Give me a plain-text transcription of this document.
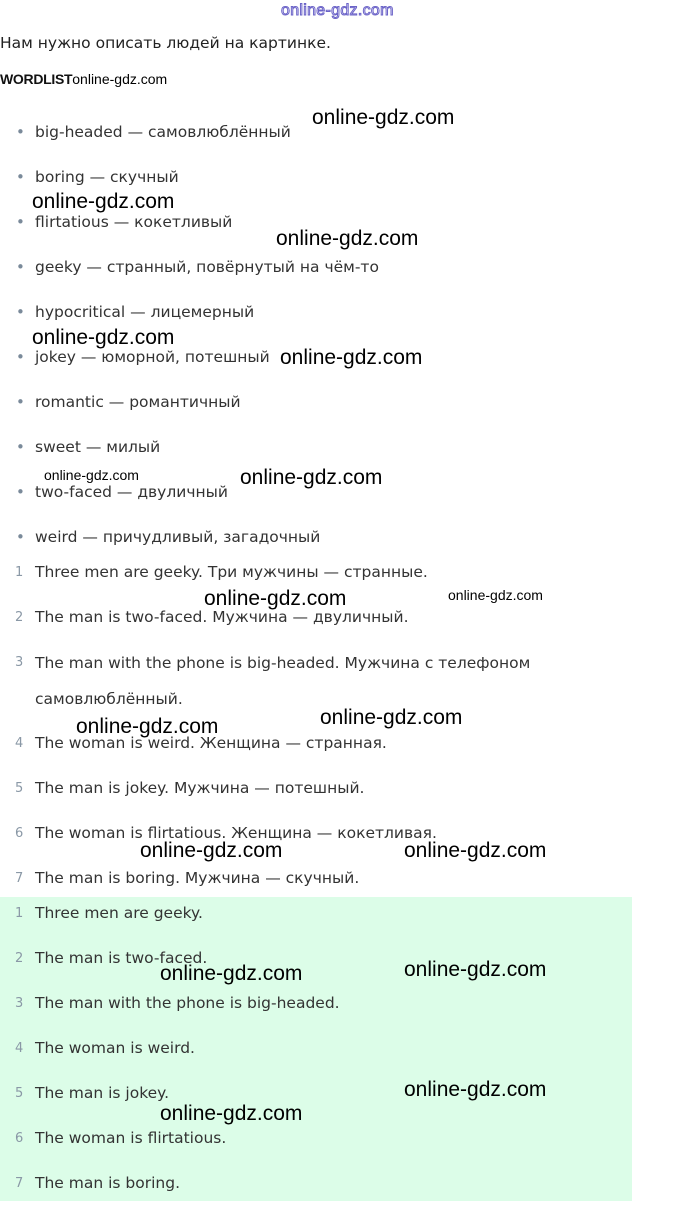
online-gdz.com
Нам нужно описать людей на картинке.
WORDLISTonline-gdz.com
• big-headed — самовлюблённый
• boring — скучный
• flirtatious — кокетливый
• geeky — странный, повёрнутый на чём-то
• hypocritical — лицемерный
• jokey — юморной, потешный
• romantic — романтичный
• sweet — милый
• two-faced — двуличный
• weird — причудливый, загадочный
1 Three men are geeky. Три мужчины — странные.
2 The man is two-faced. Мужчина — двуличный.
3 The man with the phone is big-headed. Мужчина с телефоном самовлюблённый.
4 The woman is weird. Женщина — странная.
5 The man is jokey. Мужчина — потешный.
6 The woman is flirtatious. Женщина — кокетливая.
7 The man is boring. Мужчина — скучный.
1 Three men are geeky.
2 The man is two-faced.
3 The man with the phone is big-headed.
4 The woman is weird.
5 The man is jokey.
6 The woman is flirtatious.
7 The man is boring.
online-gdz.com
online-gdz.com
online-gdz.com
online-gdz.com
online-gdz.com
online-gdz.com	online-gdz.com
online-gdz.com	online-gdz.com
online-gdz.com	online-gdz.com
online-gdz.com	online-gdz.com
online-gdz.com	online-gdz.com
online-gdz.com
online-gdz.com
